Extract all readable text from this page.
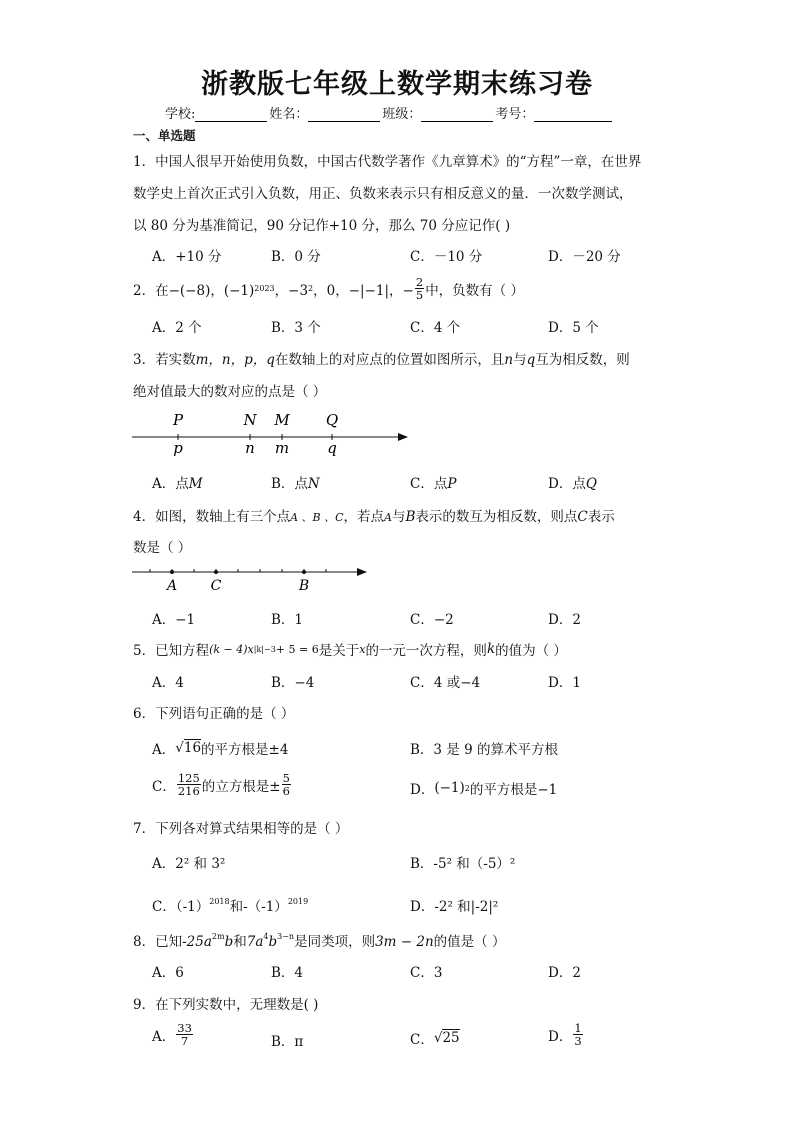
浙教版七年级上数学期末练习卷
学校:	姓名：	班级：	考号：
一、单选题
1．中国人很早开始使用负数，中国古代数学著作《九章算术》的“方程”一章，在世界
数学史上首次正式引入负数，用正、负数来表示只有相反意义的量．一次数学测试，
以 80 分为基准简记，90 分记作+10 分，那么 70 分应记作( )
A．+10 分	B．0 分	C．－10 分	D．－20 分
2．在 −(−8)，(−1) 2023 ，−3 2 ，0，−|−1|，− $\frac{2}{5}$ 中，负数有（ ）
A．2 个	B．3 个	C．4 个	D．5 个
3．若实数m，n，p，q在数轴上的对应点的位置如图所示，且n与q互为相反数，则
绝对值最大的数对应的点是（ ）
P	N M Q
p	n m	q
A．点M	B．点N	C．点P	D．点Q
4．如图，数轴上有三个点A 、B 、C，若点A与B表示的数互为相反数，则点C表示
数是（ ）
A C	B
A．−1	B．1	C．−2	D．2
5．已知方程 (k − 4)x |k|−3 + 5 = 6 是关于 x 的一元一次方程，则 k 的值为（ ）
A．4	B．−4	C．4 或−4	D．1
6．下列语句正确的是（ ）
A． √16 的平方根是±4	B．3 是 9 的算术平方根
C． $\frac{125}{216}$ 的立方根是± $\frac{5}{6}$	D． (−1) 2 的平方根是−1
7．下列各对算式结果相等的是（ ）
A．2² 和 3²	B．-5² 和（-5）²
C．$(-1)^{2018}$和$-(-1)^{2019}$	D．-2² 和|-2|²
8．已知$-25a^{2m}b$和$7a^4b^{3-n}$是同类项，则3m − 2n的值是（ ）
A．6	B．4	C．3	D．2
9．在下列实数中，无理数是( )
A． $\frac{33}{7}$	B．π	C． √25	D． $\frac{1}{3}$
